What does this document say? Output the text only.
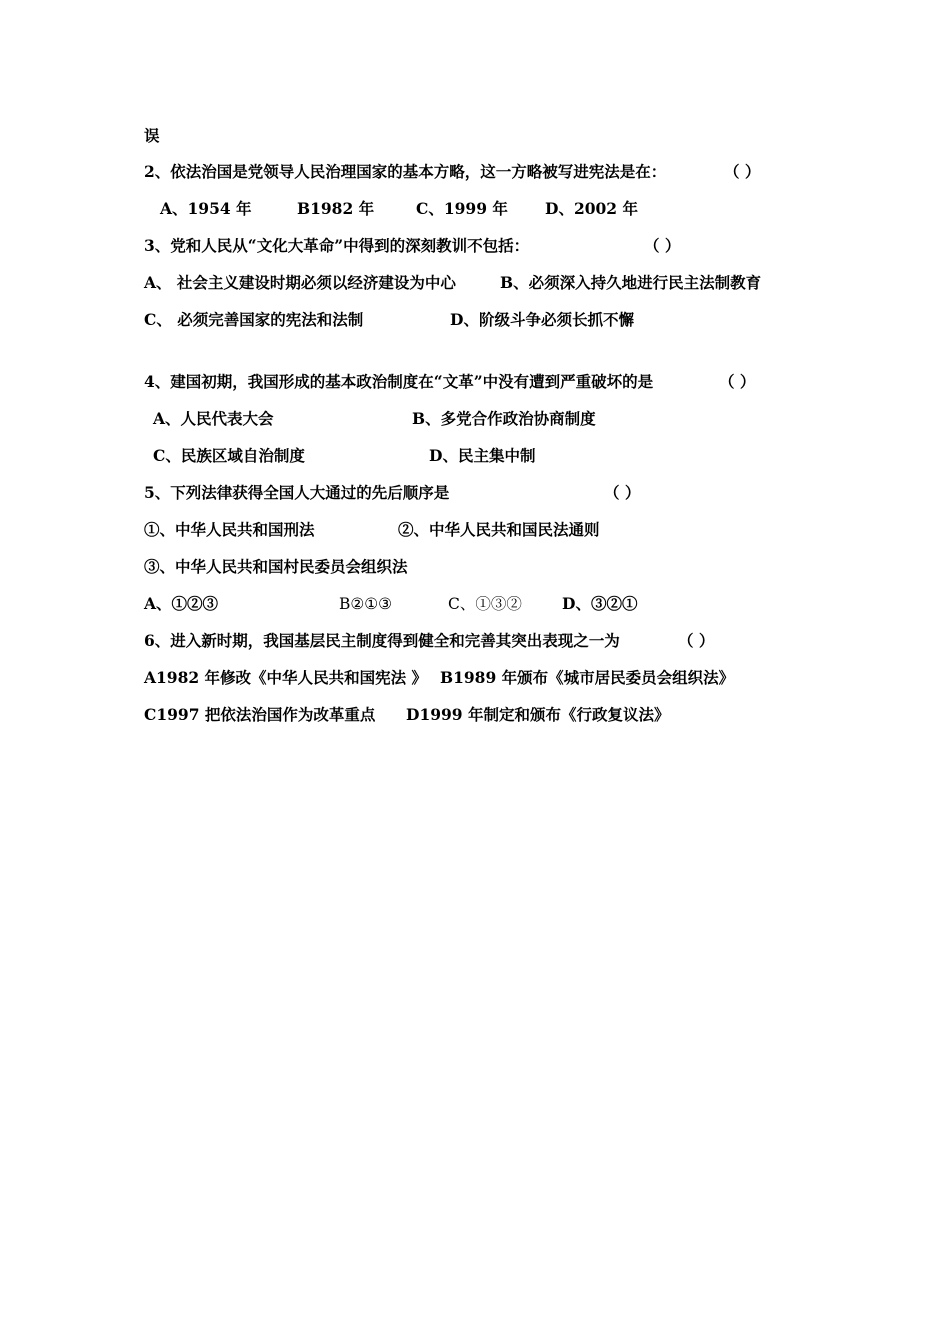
误
2、依法治国是党领导人民治理国家的基本方略，这一方略被写进宪法是在：	（ ）
A、1954 年	B1982 年	C、1999 年 D、2002 年
3、党和人民从“文化大革命”中得到的深刻教训不包括：	（ ）
A、 社会主义建设时期必须以经济建设为中心	B、必须深入持久地进行民主法制教育
C、 必须完善国家的宪法和法制	D、阶级斗争必须长抓不懈
4、建国初期，我国形成的基本政治制度在“文革”中没有遭到严重破坏的是	（ ）
A、人民代表大会	B、多党合作政治协商制度
C、民族区域自治制度	D、民主集中制
5、下列法律获得全国人大通过的先后顺序是	（ ）
①、中华人民共和国刑法	②、中华人民共和国民法通则
③、中华人民共和国村民委员会组织法
A、①②③	B②①③	C、①③②	D、③②①
6、进入新时期，我国基层民主制度得到健全和完善其突出表现之一为	（ ）
A1982 年修改《中华人民共和国宪法 》 B1989 年颁布《城市居民委员会组织法》
C1997 把依法治国作为改革重点 D1999 年制定和颁布《行政复议法》
